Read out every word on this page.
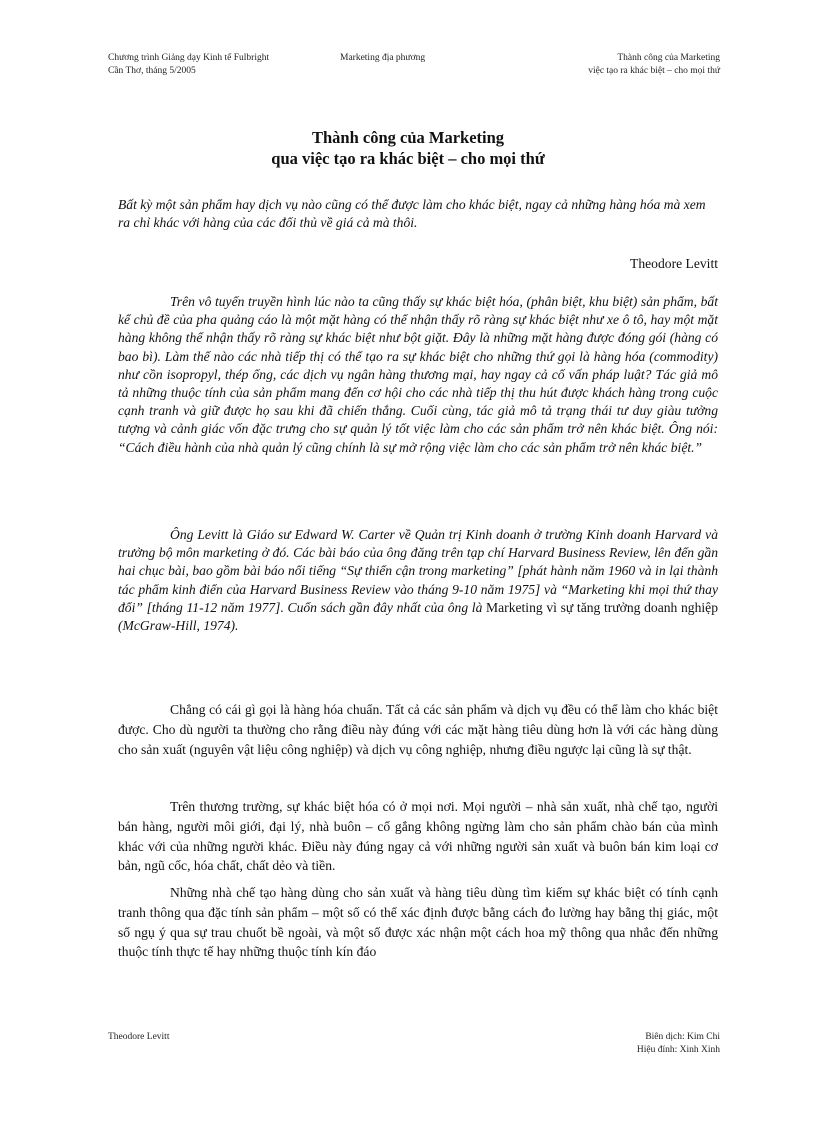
Chương trình Giảng dạy Kinh tế Fulbright
Cần Thơ, tháng 5/2005
Marketing địa phương	Thành công của Marketing
việc tạo ra khác biệt – cho mọi thứ
Thành công của Marketing
qua việc tạo ra khác biệt – cho mọi thứ
Bất kỳ một sản phẩm hay dịch vụ nào cũng có thể được làm cho khác biệt, ngay cả những hàng hóa mà xem ra chỉ khác với hàng của các đối thủ về giá cả mà thôi.
Theodore Levitt

Trên vô tuyến truyền hình lúc nào ta cũng thấy sự khác biệt hóa, (phân biệt, khu biệt) sản phẩm, bất kể chủ đề của pha quảng cáo là một mặt hàng có thể nhận thấy rõ ràng sự khác biệt như xe ô tô, hay một mặt hàng không thể nhận thấy rõ ràng sự khác biệt như bột giặt. Đây là những mặt hàng được đóng gói (hàng có bao bì). Làm thế nào các nhà tiếp thị có thể tạo ra sự khác biệt cho những thứ gọi là hàng hóa (commodity) như cồn isopropyl, thép ống, các dịch vụ ngân hàng thương mại, hay ngay cả cố vấn pháp luật? Tác giả mô tả những thuộc tính của sản phẩm mang đến cơ hội cho các nhà tiếp thị thu hút được khách hàng trong cuộc cạnh tranh và giữ được họ sau khi đã chiến thắng. Cuối cùng, tác giả mô tả trạng thái tư duy giàu tưởng tượng và cảnh giác vốn đặc trưng cho sự quản lý tốt việc làm cho các sản phẩm trở nên khác biệt. Ông nói: “Cách điều hành của nhà quản lý cũng chính là sự mở rộng việc làm cho các sản phẩm trở nên khác biệt.”

Ông Levitt là Giáo sư Edward W. Carter về Quản trị Kinh doanh ở trường Kinh doanh Harvard và trưởng bộ môn marketing ở đó. Các bài báo của ông đăng trên tạp chí Harvard Business Review, lên đến gần hai chục bài, bao gồm bài báo nổi tiếng “Sự thiển cận trong marketing” [phát hành năm 1960 và in lại thành tác phẩm kinh điển của Harvard Business Review vào tháng 9-10 năm 1975] và “Marketing khi mọi thứ thay đổi” [tháng 11-12 năm 1977]. Cuốn sách gần đây nhất của ông là Marketing vì sự tăng trưởng doanh nghiệp (McGraw-Hill, 1974).

Chẳng có cái gì gọi là hàng hóa chuẩn. Tất cả các sản phẩm và dịch vụ đều có thể làm cho khác biệt được. Cho dù người ta thường cho rằng điều này đúng với các mặt hàng tiêu dùng hơn là với các hàng dùng cho sản xuất (nguyên vật liệu công nghiệp) và dịch vụ công nghiệp, nhưng điều ngược lại cũng là sự thật.

Trên thương trường, sự khác biệt hóa có ở mọi nơi. Mọi người – nhà sản xuất, nhà chế tạo, người bán hàng, người môi giới, đại lý, nhà buôn – cố gắng không ngừng làm cho sản phẩm chào bán của mình khác với của những người khác. Điều này đúng ngay cả với những người sản xuất và buôn bán kim loại cơ bản, ngũ cốc, hóa chất, chất dẻo và tiền.

Những nhà chế tạo hàng dùng cho sản xuất và hàng tiêu dùng tìm kiếm sự khác biệt có tính cạnh tranh thông qua đặc tính sản phẩm – một số có thể xác định được bằng cách đo lường hay bằng thị giác, một số ngụ ý qua sự trau chuốt bề ngoài, và một số được xác nhận một cách hoa mỹ thông qua nhắc đến những thuộc tính thực tế hay những thuộc tính kín đáo

Theodore Levitt	Biên dịch: Kim Chi
Hiệu đính: Xinh Xinh
